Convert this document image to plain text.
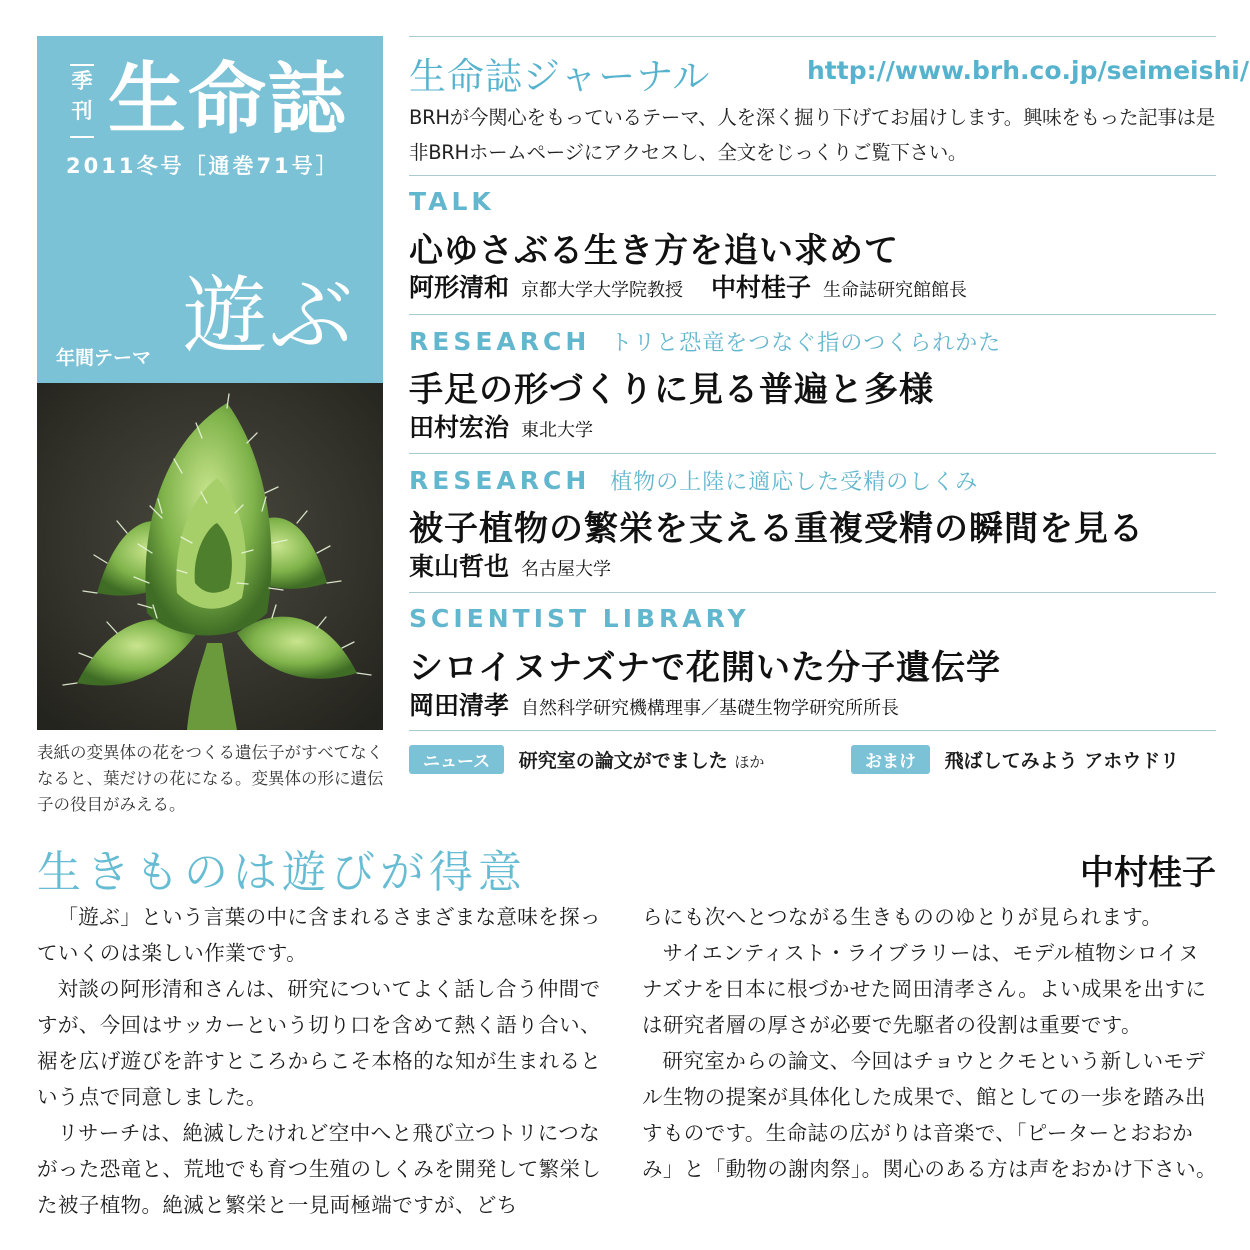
季刊 生命誌
2011冬号［通巻71号］
年間テーマ 遊ぶ
表紙の変異体の花をつくる遺伝子がすべてなくなると、葉だけの花になる。変異体の形に遺伝子の役目がみえる。
生命誌ジャーナル	http://www.brh.co.jp/seimeishi/
BRHが今関心をもっているテーマ、人を深く掘り下げてお届けします。興味をもった記事は是非BRHホームページにアクセスし、全文をじっくりご覧下さい。
TALK
心ゆさぶる生き方を追い求めて
阿形清和 京都大学大学院教授 中村桂子 生命誌研究館館長
RESEARCH トリと恐竜をつなぐ指のつくられかた
手足の形づくりに見る普遍と多様
田村宏治 東北大学
RESEARCH 植物の上陸に適応した受精のしくみ
被子植物の繁栄を支える重複受精の瞬間を見る
東山哲也 名古屋大学
SCIENTIST LIBRARY
シロイヌナズナで花開いた分子遺伝学
岡田清孝 自然科学研究機構理事／基礎生物学研究所所長
ニュース 研究室の論文がでました ほか	おまけ 飛ばしてみよう アホウドリ
生きものは遊びが得意	中村桂子

「遊ぶ」という言葉の中に含まれるさまざまな意味を探っていくのは楽しい作業です。

対談の阿形清和さんは、研究についてよく話し合う仲間ですが、今回はサッカーという切り口を含めて熱く語り合い、裾を広げ遊びを許すところからこそ本格的な知が生まれるという点で同意しました。

リサーチは、絶滅したけれど空中へと飛び立つトリにつながった恐竜と、荒地でも育つ生殖のしくみを開発して繁栄した被子植物。絶滅と繁栄と一見両極端ですが、どち

らにも次へとつながる生きもののゆとりが見られます。

サイエンティスト・ライブラリーは、モデル植物シロイヌナズナを日本に根づかせた岡田清孝さん。よい成果を出すには研究者層の厚さが必要で先駆者の役割は重要です。

研究室からの論文、今回はチョウとクモという新しいモデル生物の提案が具体化した成果で、館としての一歩を踏み出すものです。生命誌の広がりは音楽で、「ピーターとおおかみ」と「動物の謝肉祭」。関心のある方は声をおかけ下さい。
